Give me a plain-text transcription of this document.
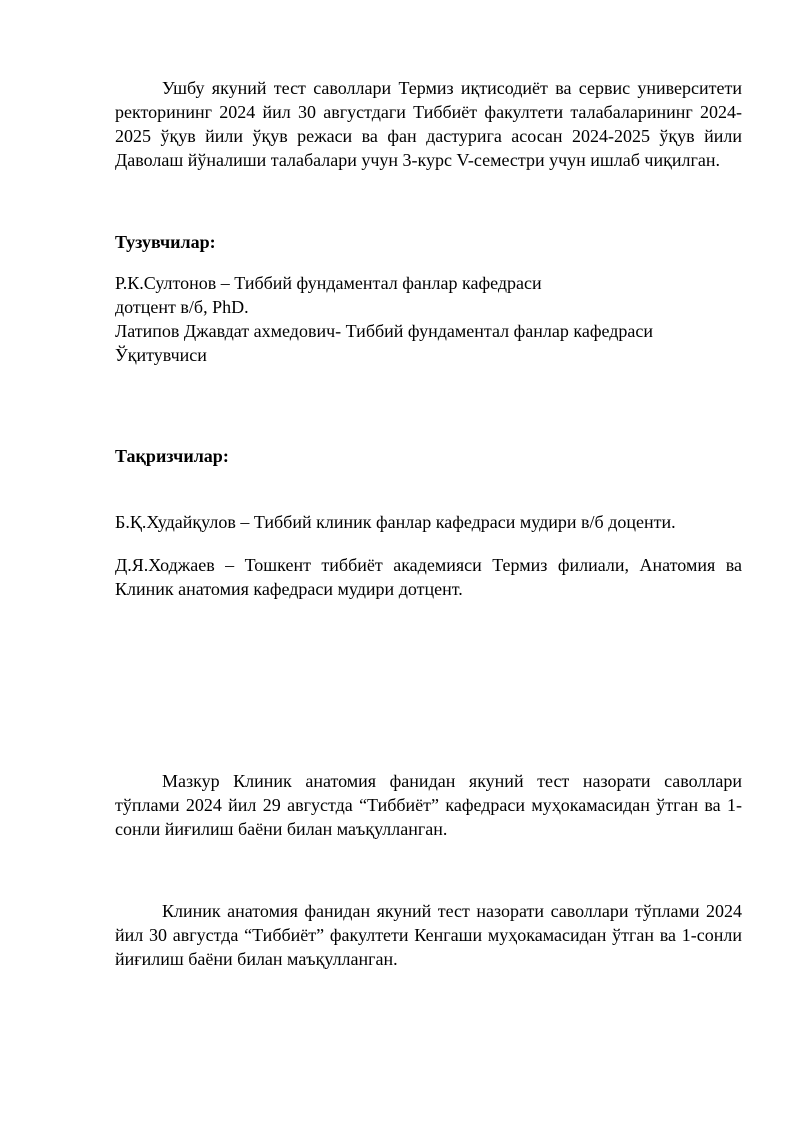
Ушбу якуний тест саволлари Термиз иқтисодиёт ва сервис университети ректорининг 2024 йил 30 августдаги Тиббиёт факултети талабаларининг 2024-2025 ўқув йили ўқув режаси ва фан дастурига асосан 2024-2025 ўқув йили Даволаш йўналиши талабалари учун 3-курс V-семестри учун ишлаб чиқилган.

Тузувчилар:
Р.К.Султонов – Тиббий фундаментал фанлар кафедраси
дотцент в/б, PhD.
Латипов Джавдат ахмедович- Тиббий фундаментал фанлар кафедраси
Ўқитувчиси
Тақризчилар:

Б.Қ.Худайқулов – Тиббий клиник фанлар кафедраси мудири в/б доценти.

Д.Я.Ходжаев – Тошкент тиббиёт академияси Термиз филиали, Анатомия ва Клиник анатомия кафедраси мудири дотцент.

Мазкур Клиник анатомия фанидан якуний тест назорати саволлари тўплами 2024 йил 29 августда “Тиббиёт” кафедраси муҳокамасидан ўтган ва 1-сонли йиғилиш баёни билан маъқулланган.

Клиник анатомия фанидан якуний тест назорати саволлари тўплами 2024 йил 30 августда “Тиббиёт” факултети Кенгаши муҳокамасидан ўтган ва 1-сонли йиғилиш баёни билан маъқулланган.
